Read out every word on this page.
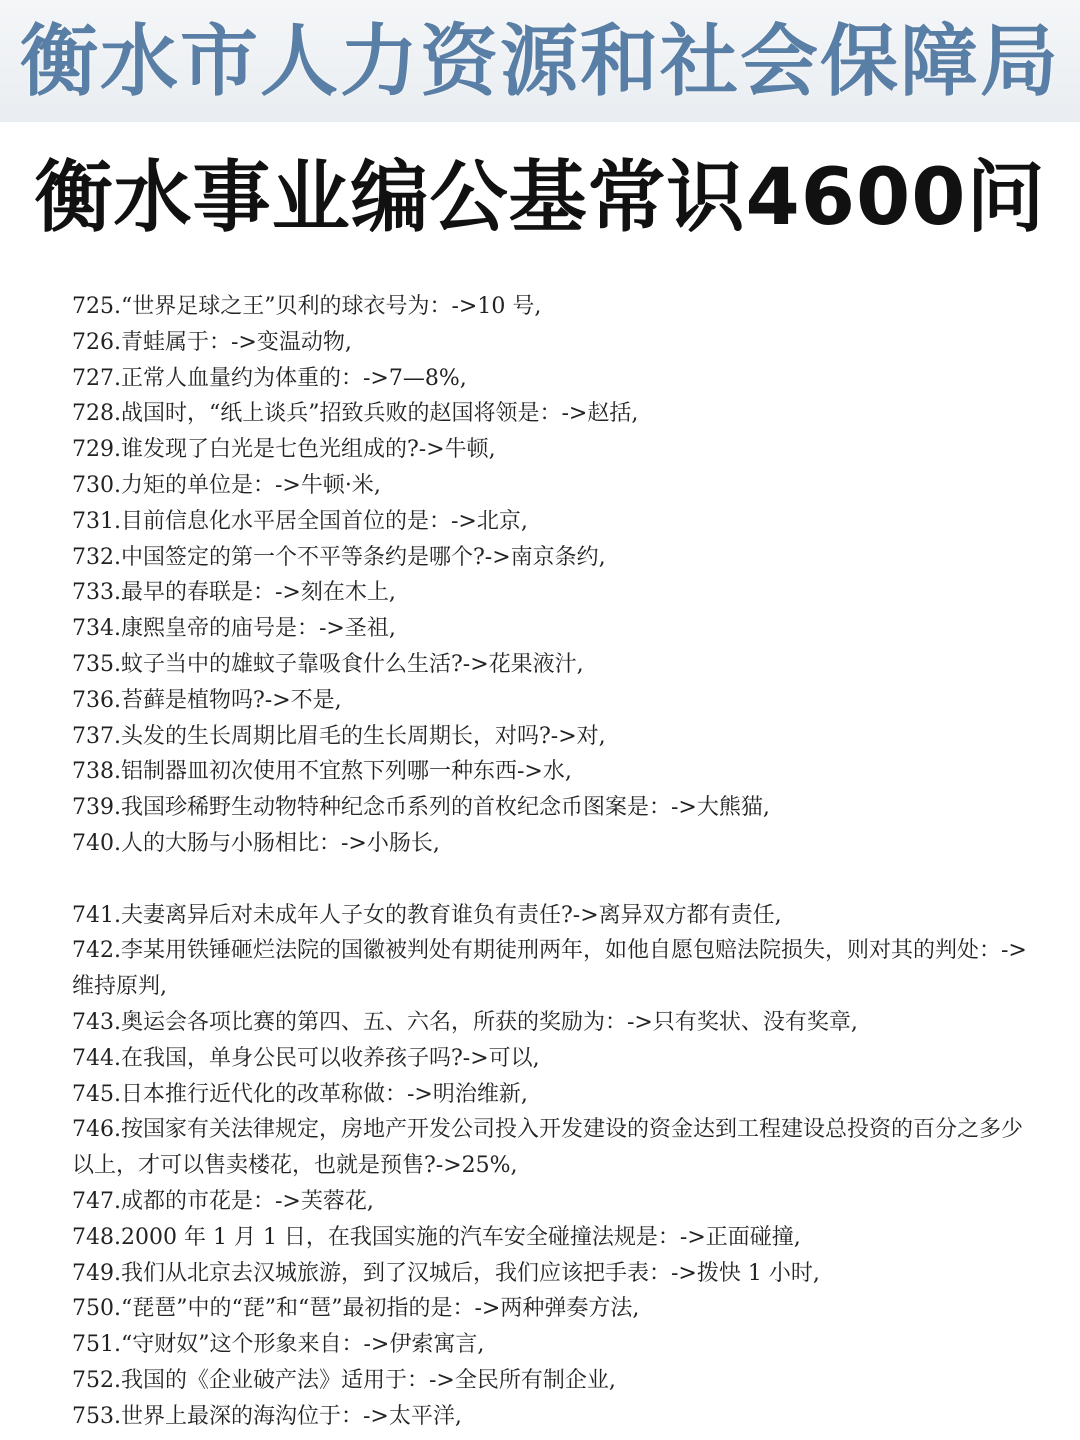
衡水市人力资源和社会保障局
衡水事业编公基常识4600问

725.“世界足球之王”贝利的球衣号为：->10 号,

726.青蛙属于：->变温动物,

727.正常人血量约为体重的：->7—8%,

728.战国时，“纸上谈兵”招致兵败的赵国将领是：->赵括,

729.谁发现了白光是七色光组成的?->牛顿,

730.力矩的单位是：->牛顿·米,

731.目前信息化水平居全国首位的是：->北京,

732.中国签定的第一个不平等条约是哪个?->南京条约,

733.最早的春联是：->刻在木上,

734.康熙皇帝的庙号是：->圣祖,

735.蚊子当中的雄蚊子靠吸食什么生活?->花果液汁,

736.苔藓是植物吗?->不是,

737.头发的生长周期比眉毛的生长周期长，对吗?->对,

738.铝制器皿初次使用不宜熬下列哪一种东西->水,

739.我国珍稀野生动物特种纪念币系列的首枚纪念币图案是：->大熊猫,

740.人的大肠与小肠相比：->小肠长,

741.夫妻离异后对未成年人子女的教育谁负有责任?->离异双方都有责任,

742.李某用铁锤砸烂法院的国徽被判处有期徒刑两年，如他自愿包赔法院损失，则对其的判处：->维持原判,

743.奥运会各项比赛的第四、五、六名，所获的奖励为：->只有奖状、没有奖章,

744.在我国，单身公民可以收养孩子吗?->可以,

745.日本推行近代化的改革称做：->明治维新,

746.按国家有关法律规定，房地产开发公司投入开发建设的资金达到工程建设总投资的百分之多少以上，才可以售卖楼花，也就是预售?->25%,

747.成都的市花是：->芙蓉花,

748.2000 年 1 月 1 日，在我国实施的汽车安全碰撞法规是：->正面碰撞,

749.我们从北京去汉城旅游，到了汉城后，我们应该把手表：->拨快 1 小时,

750.“琵琶”中的“琵”和“琶”最初指的是：->两种弹奏方法,

751.“守财奴”这个形象来自：->伊索寓言,

752.我国的《企业破产法》适用于：->全民所有制企业,

753.世界上最深的海沟位于：->太平洋,
